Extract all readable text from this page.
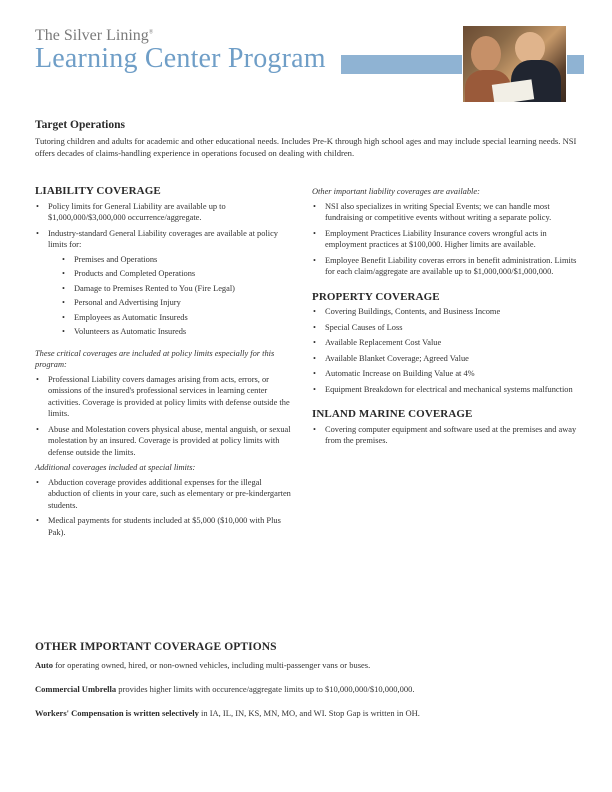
The Silver Lining®
Learning Center Program
Target Operations
Tutoring children and adults for academic and other educational needs. Includes Pre-K through high school ages and may include special learning needs. NSI offers decades of claims-handling experience in operations focused on dealing with children.
LIABILITY COVERAGE
• Policy limits for General Liability are available up to $1,000,000/$3,000,000 occurrence/aggregate.
• Industry-standard General Liability coverages are available at policy limits for:
• Premises and Operations
• Products and Completed Operations
• Damage to Premises Rented to You (Fire Legal)
• Personal and Advertising Injury
• Employees as Automatic Insureds
• Volunteers as Automatic Insureds
These critical coverages are included at policy limits especially for this program:
• Professional Liability covers damages arising from acts, errors, or omissions of the insured's professional services in learning center activities. Coverage is provided at policy limits with defense outside the limits.
• Abuse and Molestation covers physical abuse, mental anguish, or sexual molestation by an insured. Coverage is provided at policy limits with defense outside the limits.
Additional coverages included at special limits:
• Abduction coverage provides additional expenses for the illegal abduction of clients in your care, such as elementary or pre-kindergarten students.
• Medical payments for students included at $5,000 ($10,000 with Plus Pak).
Other important liability coverages are available:
• NSI also specializes in writing Special Events; we can handle most fundraising or competitive events without writing a separate policy.
• Employment Practices Liability Insurance covers wrongful acts in employment practices at $100,000. Higher limits are available.
• Employee Benefit Liability coveras errors in benefit administration. Limits for each claim/aggregate are available up to $1,000,000/$1,000,000.
PROPERTY COVERAGE
• Covering Buildings, Contents, and Business Income
• Special Causes of Loss
• Available Replacement Cost Value
• Available Blanket Coverage; Agreed Value
• Automatic Increase on Building Value at 4%
• Equipment Breakdown for electrical and mechanical systems malfunction
INLAND MARINE COVERAGE
• Covering computer equipment and software used at the premises and away from the premises.
OTHER IMPORTANT COVERAGE OPTIONS

Auto for operating owned, hired, or non-owned vehicles, including multi-passenger vans or buses.

Commercial Umbrella provides higher limits with occurence/aggregate limits up to $10,000,000/$10,000,000.

Workers' Compensation is written selectively in IA, IL, IN, KS, MN, MO, and WI. Stop Gap is written in OH.
